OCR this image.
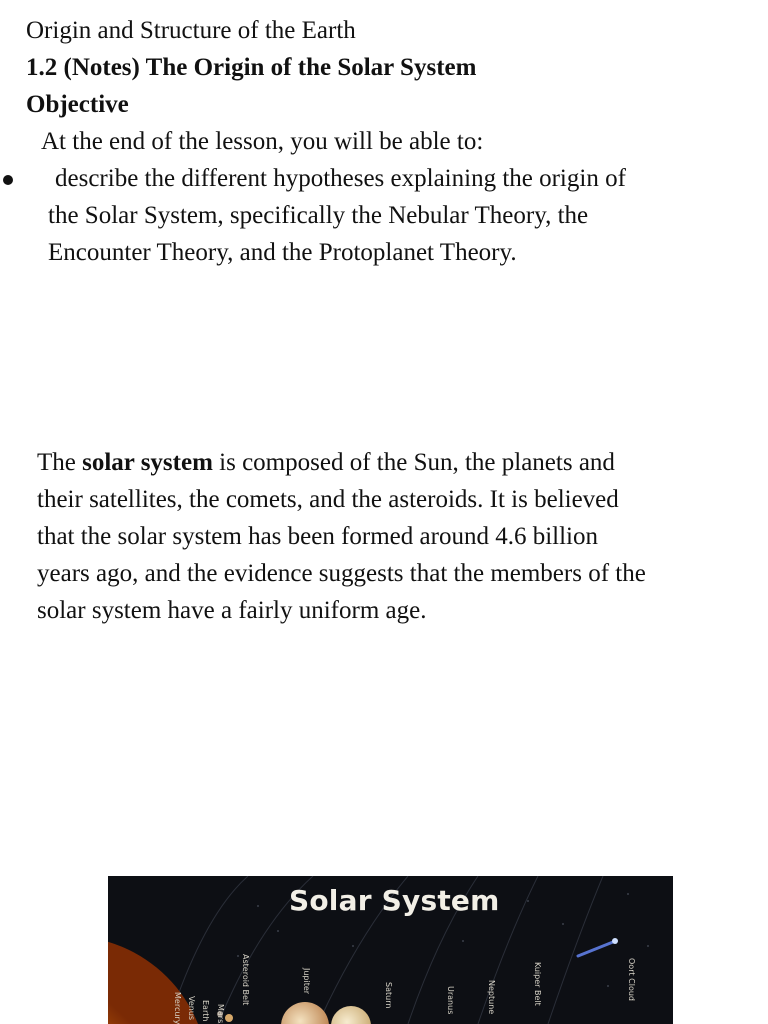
Origin and Structure of the Earth
1.2 (Notes) The Origin of the Solar System
Objective
At the end of the lesson, you will be able to:
describe the different hypotheses explaining the origin of
the Solar System, specifically the Nebular Theory, the
Encounter Theory, and the Protoplanet Theory.
The solar system is composed of the Sun, the planets and
their satellites, the comets, and the asteroids. It is believed
that the solar system has been formed around 4.6 billion
years ago, and the evidence suggests that the members of the
solar system have a fairly uniform age.
Solar System
Mercury Venus Earth Mars
Asteroid Belt	Jupiter
Saturn	Uranus	Neptune	Kuiper Belt	Oort Cloud
